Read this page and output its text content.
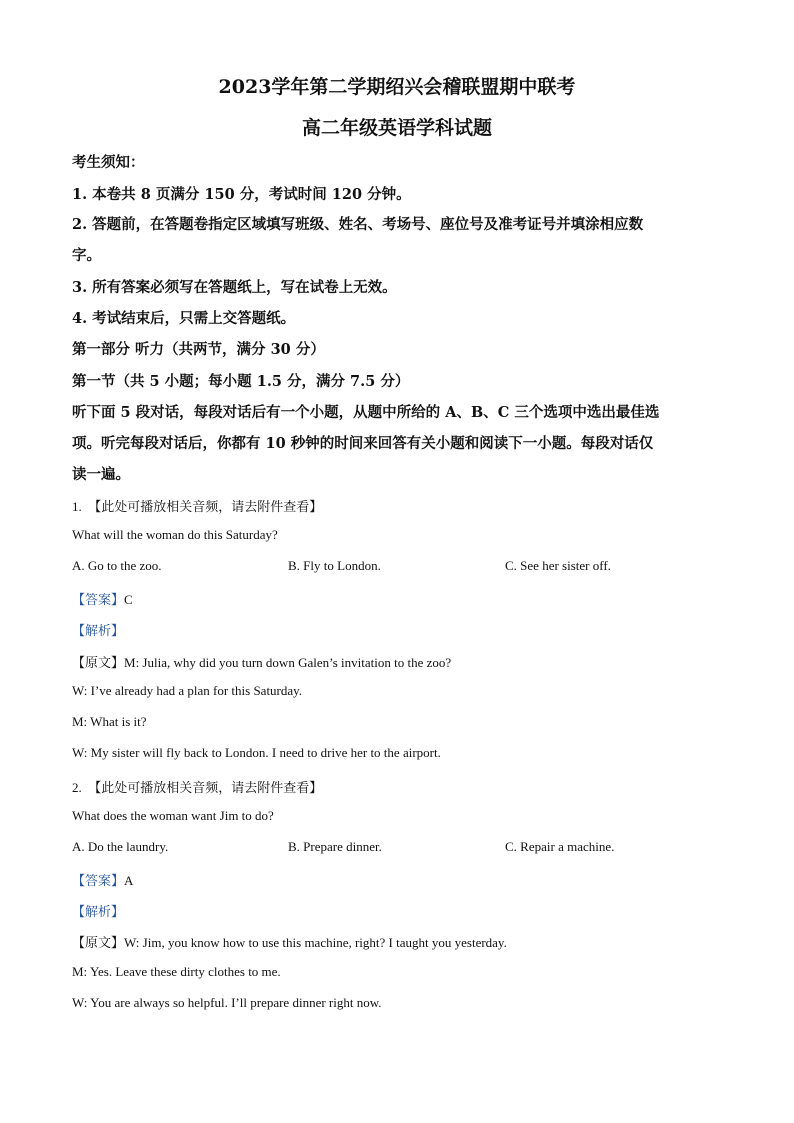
2023学年第二学期绍兴会稽联盟期中联考
高二年级英语学科试题
考生须知：
1. 本卷共 8 页满分 150 分，考试时间 120 分钟。
2. 答题前，在答题卷指定区域填写班级、姓名、考场号、座位号及准考证号并填涂相应数
字。
3. 所有答案必须写在答题纸上，写在试卷上无效。
4. 考试结束后，只需上交答题纸。
第一部分 听力（共两节，满分 30 分）
第一节（共 5 小题；每小题 1.5 分，满分 7.5 分）
听下面 5 段对话，每段对话后有一个小题，从题中所给的 A、B、C 三个选项中选出最佳选
项。听完每段对话后，你都有 10 秒钟的时间来回答有关小题和阅读下一小题。每段对话仅
读一遍。
1. 【此处可播放相关音频，请去附件查看】
What will the woman do this Saturday?
A. Go to the zoo.	B. Fly to London.	C. See her sister off.
【答案】C
【解析】
【原文】M: Julia, why did you turn down Galen’s invitation to the zoo?
W: I’ve already had a plan for this Saturday.
M: What is it?
W: My sister will fly back to London. I need to drive her to the airport.
2. 【此处可播放相关音频，请去附件查看】
What does the woman want Jim to do?
A. Do the laundry.	B. Prepare dinner.	C. Repair a machine.
【答案】A
【解析】
【原文】W: Jim, you know how to use this machine, right? I taught you yesterday.
M: Yes. Leave these dirty clothes to me.
W: You are always so helpful. I’ll prepare dinner right now.
